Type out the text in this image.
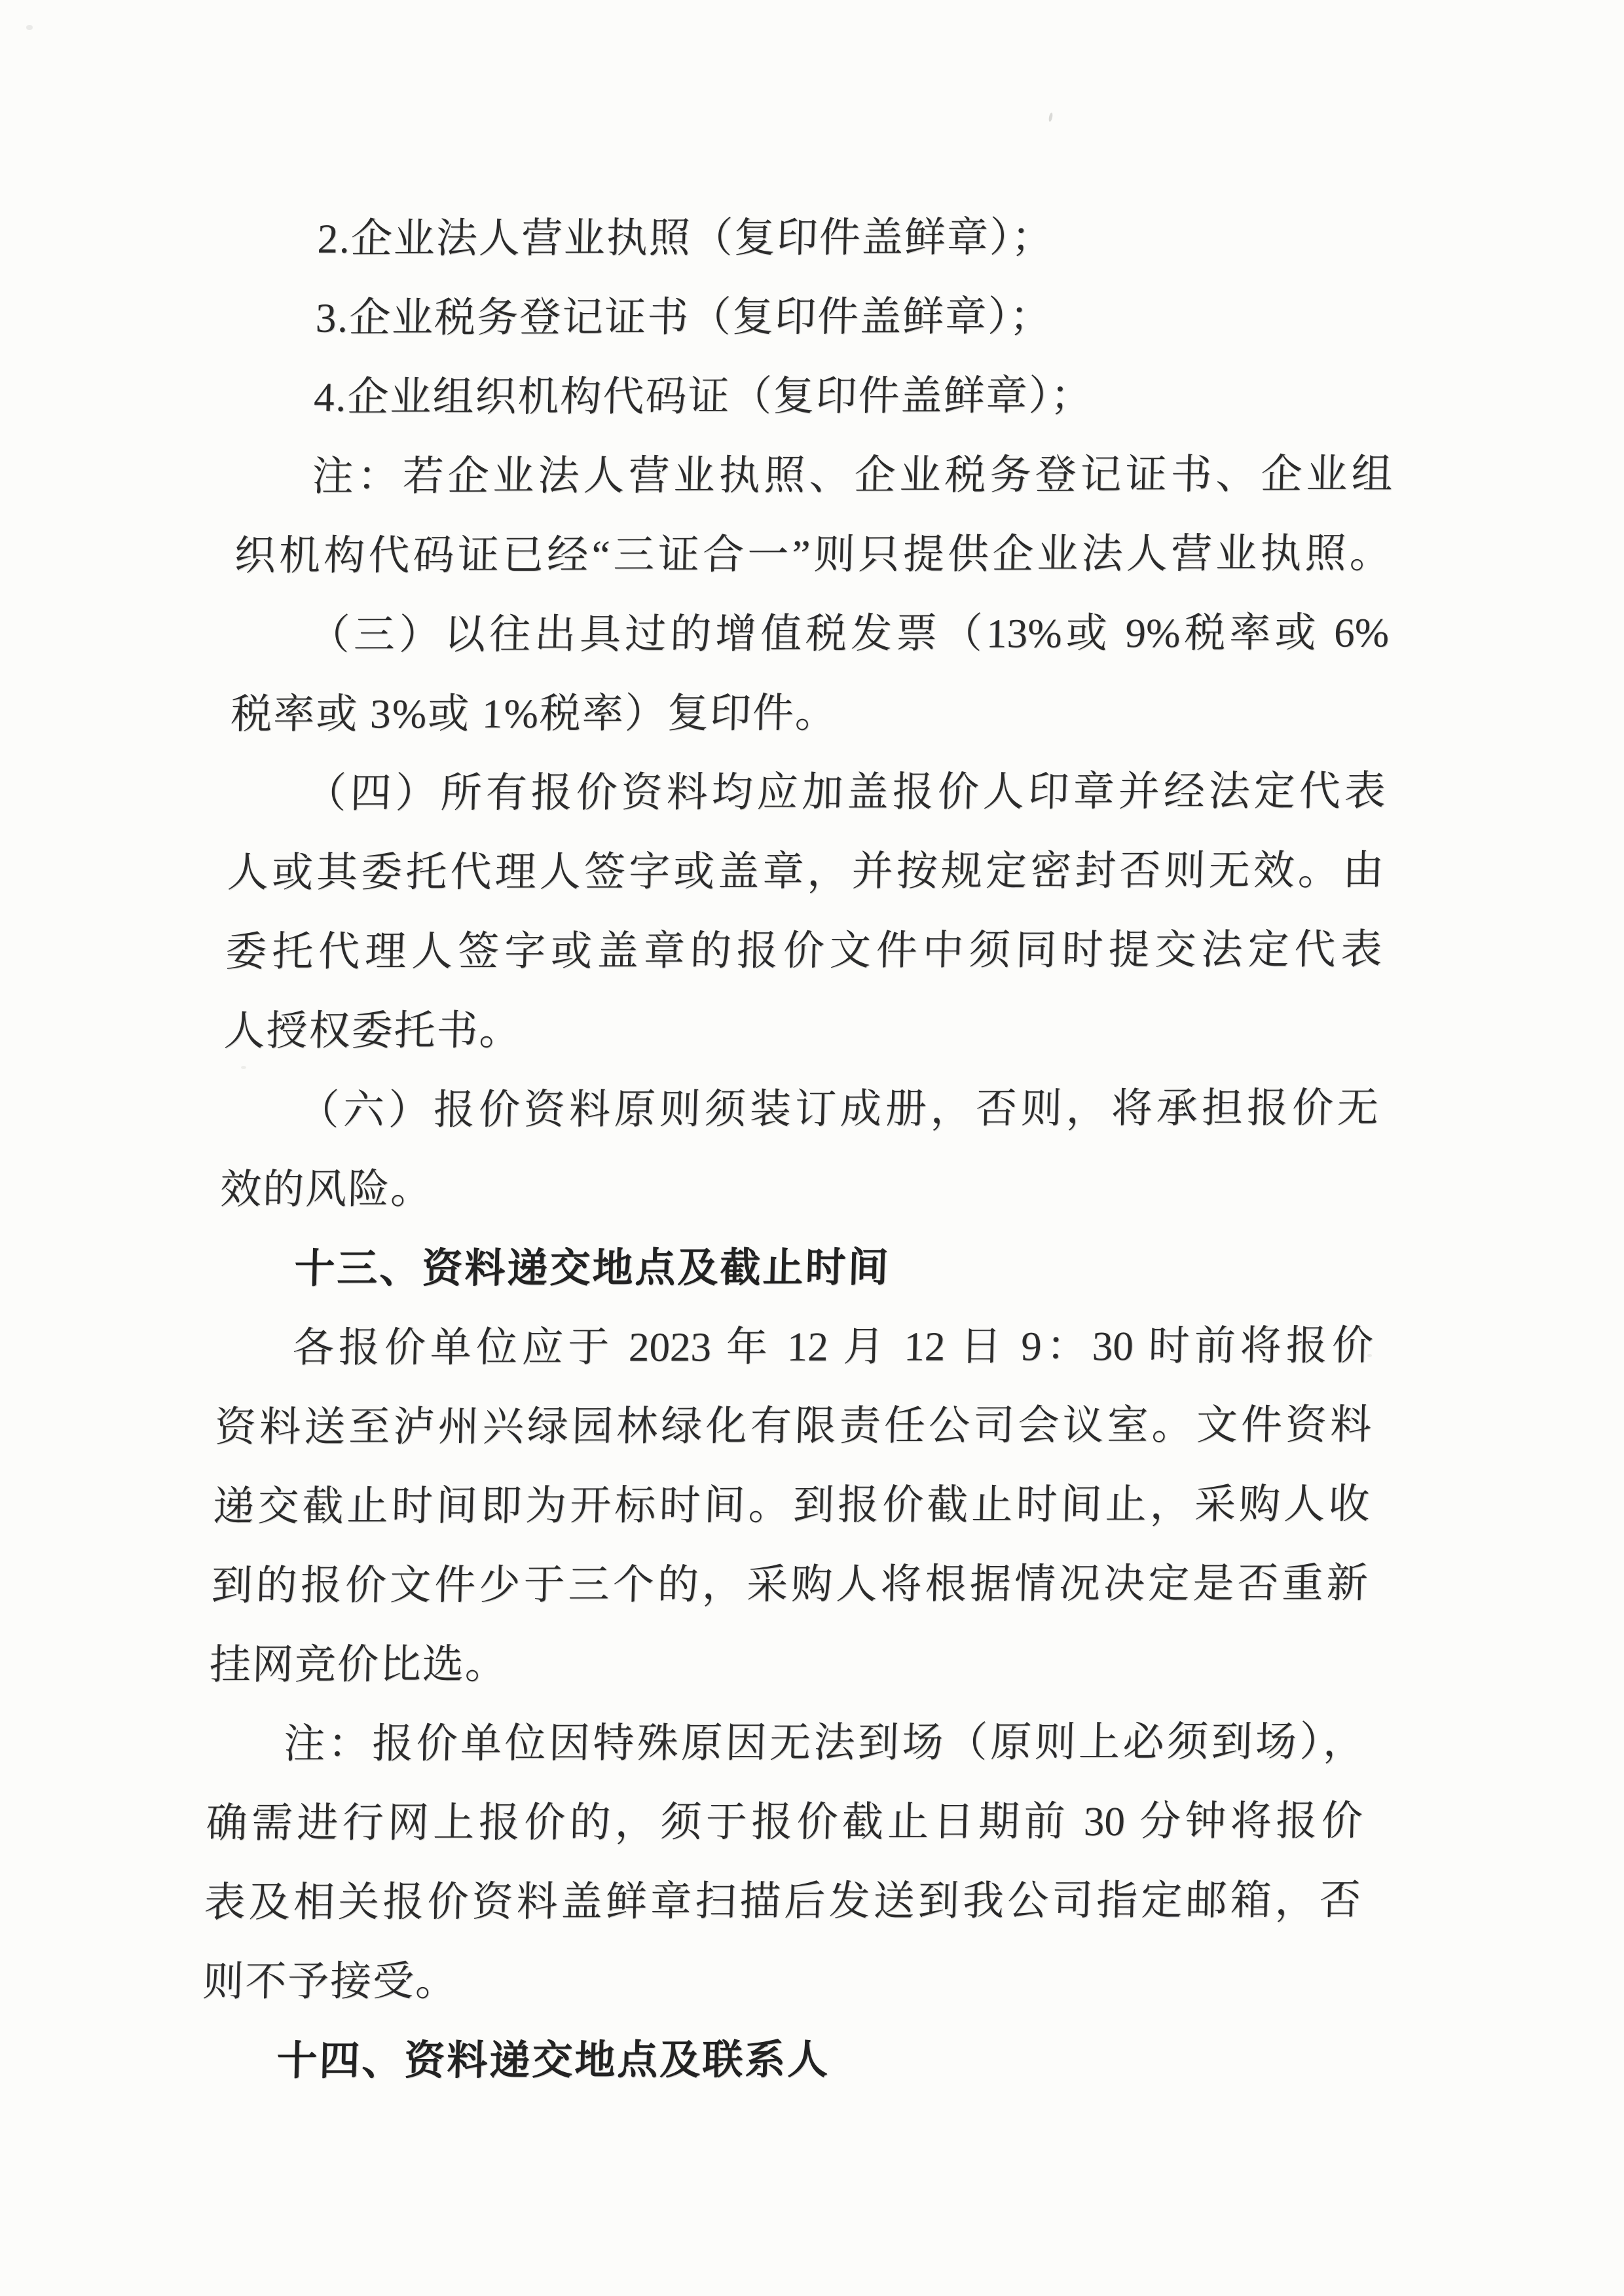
2.企业法人营业执照（复印件盖鲜章）；
3.企业税务登记证书（复印件盖鲜章）；
4.企业组织机构代码证（复印件盖鲜章）；
注：若企业法人营业执照、企业税务登记证书、企业组
织机构代码证已经“三证合一”则只提供企业法人营业执照。
（三）以往出具过的增值税发票（13%或 9%税率或 6%
税率或 3%或 1%税率）复印件。
（四）所有报价资料均应加盖报价人印章并经法定代表
人或其委托代理人签字或盖章，并按规定密封否则无效。由
委托代理人签字或盖章的报价文件中须同时提交法定代表
人授权委托书。
（六）报价资料原则须装订成册，否则，将承担报价无
效的风险。
十三、资料递交地点及截止时间
各报价单位应于 2023 年 12 月 12 日 9：30 时前将报价
资料送至泸州兴绿园林绿化有限责任公司会议室。文件资料
递交截止时间即为开标时间。到报价截止时间止，采购人收
到的报价文件少于三个的，采购人将根据情况决定是否重新
挂网竞价比选。
注：报价单位因特殊原因无法到场（原则上必须到场），
确需进行网上报价的，须于报价截止日期前 30 分钟将报价
表及相关报价资料盖鲜章扫描后发送到我公司指定邮箱，否
则不予接受。
十四、资料递交地点及联系人
